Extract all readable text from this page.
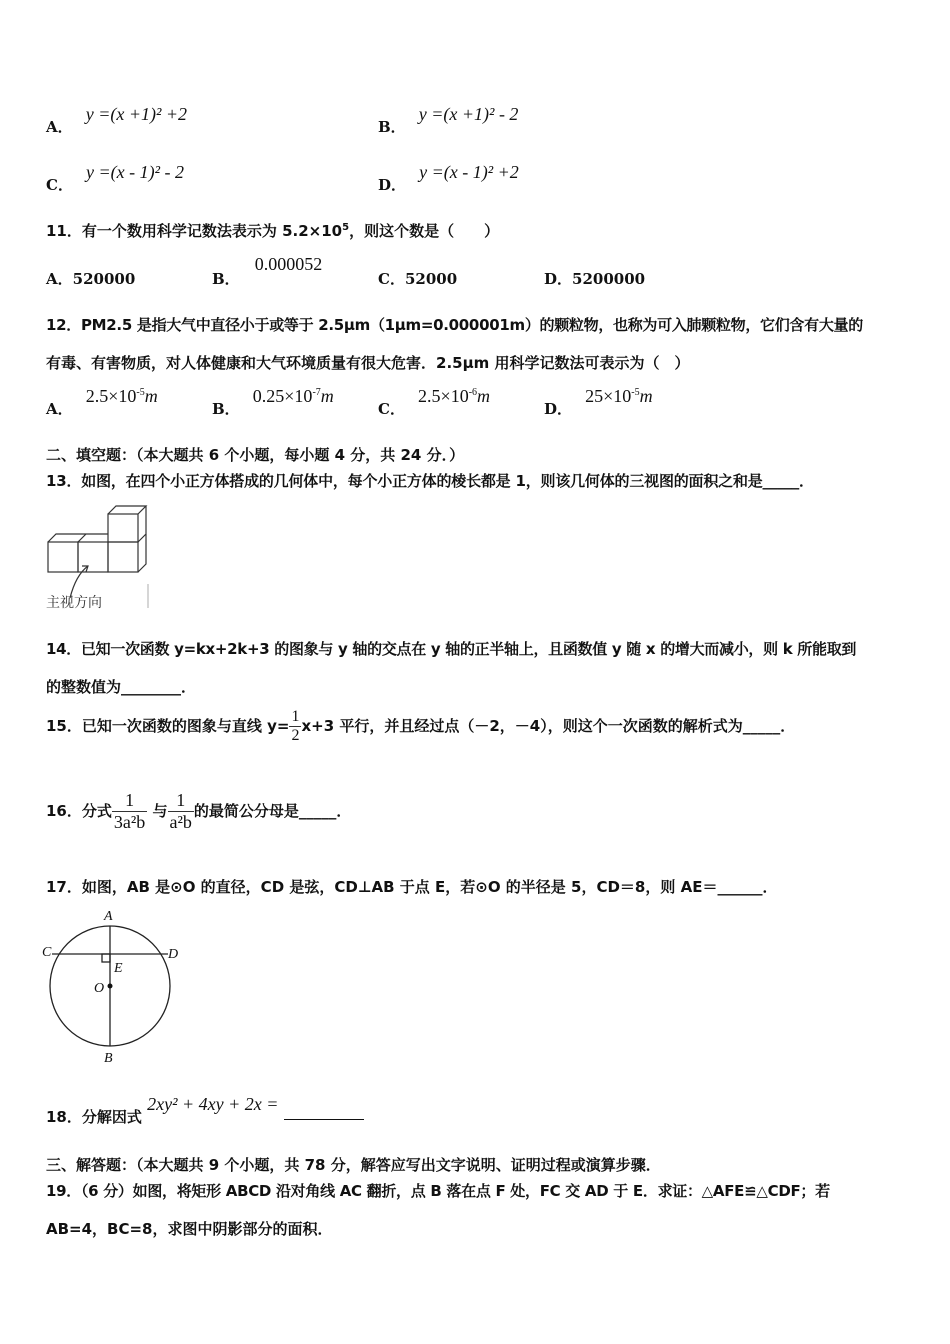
A． y =(x +1)² +2
B． y =(x +1)² - 2
C． y =(x - 1)² - 2
D． y =(x - 1)² +2
11．有一个数用科学记数法表示为 $5.2\times 10^5$，则这个数是（　　）
A．520000	B． 0.000052
C．52000	D．5200000
12．PM2.5 是指大气中直径小于或等于 2.5μm（1μm=0.000001m）的颗粒物，也称为可入肺颗粒物，它们含有大量的
有毒、有害物质，对人体健康和大气环境质量有很大危害．2.5μm 用科学记数法可表示为（　）
A． $2.5\times 10^{-5}m$
B． $0.25\times 10^{-7}m$
C． $2.5\times 10^{-6}m$
D． $25\times 10^{-5}m$
二、填空题：（本大题共 6 个小题，每小题 4 分，共 24 分．）
13．如图，在四个小正方体搭成的几何体中，每个小正方体的棱长都是 1，则该几何体的三视图的面积之和是_____．
主视方向
14．已知一次函数 y=kx+2k+3 的图象与 y 轴的交点在 y 轴的正半轴上，且函数值 y 随 x 的增大而减小，则 k 所能取到
的整数值为________．
15．已知一次函数的图象与直线 $y= \frac{1}{2} x+3$ 平行，并且经过点（－2，－4），则这个一次函数的解析式为_____．
16．分式 $\frac{1}{\text{3a²b}}$ 与 $\frac{1}{\text{a²b}}$ 的最简公分母是_____．
17．如图，AB 是⊙O 的直径，CD 是弦，CD⊥AB 于点 E，若⊙O 的半径是 5，CD＝8，则 AE＝______．
A
B
C	D
E
O
18．分解因式 2xy² + 4xy + 2x =
三、解答题：（本大题共 9 个小题，共 78 分，解答应写出文字说明、证明过程或演算步骤．
19．（6 分）如图，将矩形 ABCD 沿对角线 AC 翻折，点 B 落在点 F 处，FC 交 AD 于 E．求证：△AFE≌△CDF；若
AB=4，BC=8，求图中阴影部分的面积．
